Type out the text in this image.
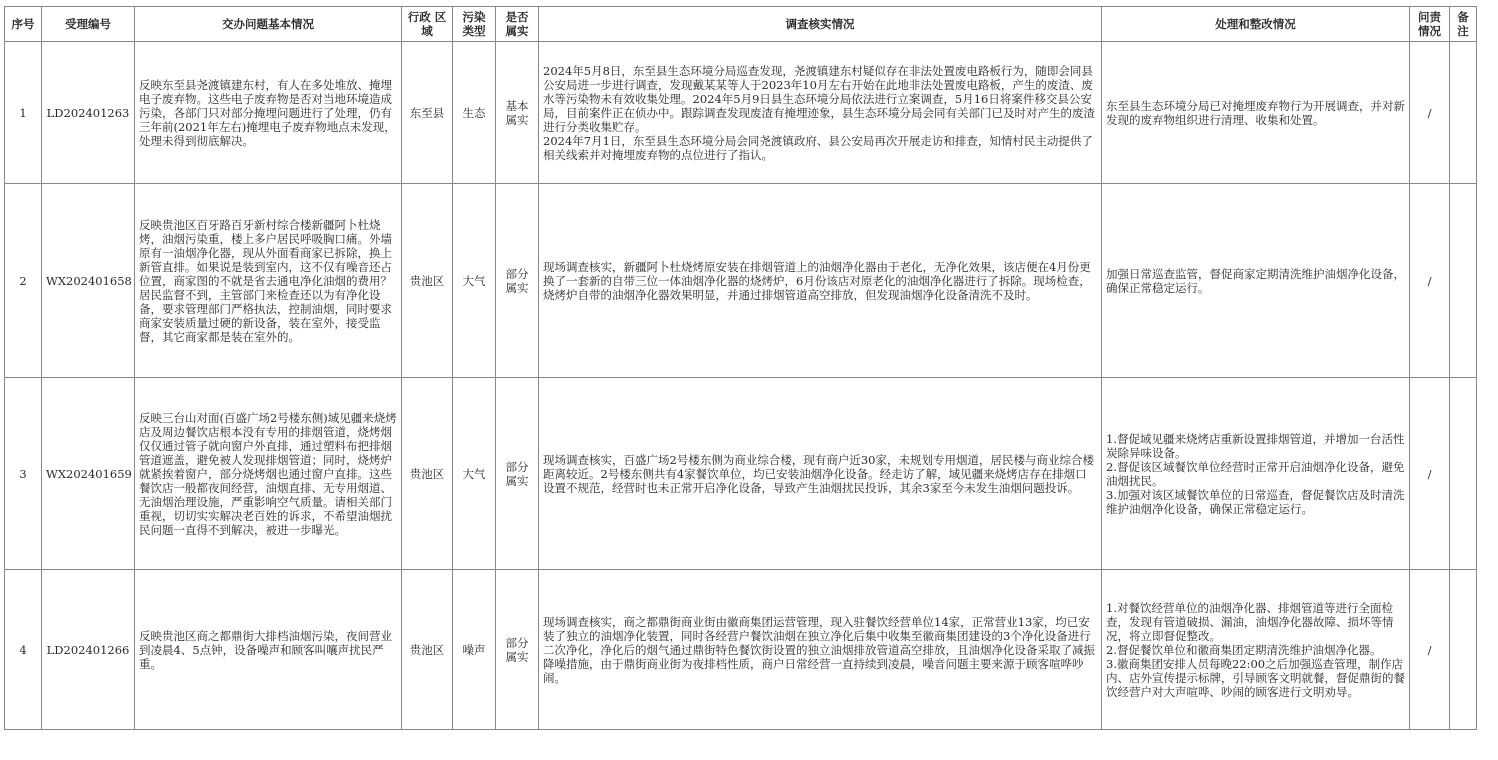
序号	受理编号	交办问题基本情况	行政 区域	污染 类型	是否 属实	调查核实情况	处理和整改情况	问责 情况	备 注
1	LD202401263	反映东至县尧渡镇建东村，有人在多处堆放、掩埋电子废弃物。这些电子废弃物是否对当地环境造成污染，各部门只对部分掩埋问题进行了处理，仍有三年前(2021年左右)掩埋电子废弃物地点未发现，处理未得到彻底解决。	东至县	生态	基本属实	2024年5月8日，东至县生态环境分局巡查发现，尧渡镇建东村疑似存在非法处置废电路板行为，随即会同县公安局进一步进行调查，发现戴某某等人于2023年10月左右开始在此地非法处置废电路板，产生的废渣、废水等污染物未有效收集处理。2024年5月9日县生态环境分局依法进行立案调查，5月16日将案件移交县公安局，目前案件正在侦办中。跟踪调查发现废渣有掩埋迹象，县生态环境分局会同有关部门已及时对产生的废渣进行分类收集贮存。
2024年7月1日，东至县生态环境分局会同尧渡镇政府、县公安局再次开展走访和排查，知情村民主动提供了相关线索并对掩埋废弃物的点位进行了指认。	东至县生态环境分局已对掩埋废弃物行为开展调查，并对新发现的废弃物组织进行清理、收集和处置。	/	
2	WX202401658	反映贵池区百牙路百牙新村综合楼新疆阿卜杜烧烤，油烟污染重，楼上多户居民呼吸胸口痛。外墙原有一油烟净化器，现从外面看商家已拆除，换上新管直排。如果说是装到室内，这不仅有噪音还占位置，商家图的不就是省去通电净化油烟的费用？居民监督不到，主管部门来检查还以为有净化设备，要求管理部门严格执法，控制油烟，同时要求商家安装质量过硬的新设备，装在室外，接受监督，其它商家都是装在室外的。	贵池区	大气	部分属实	现场调查核实，新疆阿卜杜烧烤原安装在排烟管道上的油烟净化器由于老化，无净化效果，该店便在4月份更换了一套新的自带三位一体油烟净化器的烧烤炉，6月份该店对原老化的油烟净化器进行了拆除。现场检查，烧烤炉自带的油烟净化器效果明显，并通过排烟管道高空排放，但发现油烟净化设备清洗不及时。	加强日常巡查监管，督促商家定期清洗维护油烟净化设备，确保正常稳定运行。	/	
3	WX202401659	反映三台山对面(百盛广场2号楼东侧)域见疆来烧烤店及周边餐饮店根本没有专用的排烟管道，烧烤烟仅仅通过管子就向窗户外直排，通过塑料布把排烟管道遮盖，避免被人发现排烟管道；同时，烧烤炉就紧挨着窗户，部分烧烤烟也通过窗户直排。这些餐饮店一般都夜间经营，油烟直排、无专用烟道、无油烟治理设施，严重影响空气质量。请相关部门重视，切切实实解决老百姓的诉求，不希望油烟扰民问题一直得不到解决，被进一步曝光。	贵池区	大气	部分属实	现场调查核实，百盛广场2号楼东侧为商业综合楼，现有商户近30家，未规划专用烟道，居民楼与商业综合楼距离较近。2号楼东侧共有4家餐饮单位，均已安装油烟净化设备。经走访了解，域见疆来烧烤店存在排烟口设置不规范，经营时也未正常开启净化设备，导致产生油烟扰民投诉，其余3家至今未发生油烟问题投诉。	1.督促域见疆来烧烤店重新设置排烟管道，并增加一台活性炭除异味设备。
2.督促该区域餐饮单位经营时正常开启油烟净化设备，避免油烟扰民。
3.加强对该区域餐饮单位的日常巡查，督促餐饮店及时清洗维护油烟净化设备，确保正常稳定运行。	/	
4	LD202401266	反映贵池区商之都鼎街大排档油烟污染，夜间营业到凌晨4、5点钟，设备噪声和顾客叫嚷声扰民严重。	贵池区	噪声	部分属实	现场调查核实，商之都鼎街商业街由徽商集团运营管理，现入驻餐饮经营单位14家，正常营业13家，均已安装了独立的油烟净化装置，同时各经营户餐饮油烟在独立净化后集中收集至徽商集团建设的3个净化设备进行二次净化，净化后的烟气通过鼎街特色餐饮街设置的独立油烟排放管道高空排放，且油烟净化设备采取了减振降噪措施，由于鼎街商业街为夜排档性质，商户日常经营一直持续到凌晨，噪音问题主要来源于顾客喧哗吵闹。	1.对餐饮经营单位的油烟净化器、排烟管道等进行全面检查，发现有管道破损、漏油，油烟净化器故障、损坏等情况，将立即督促整改。
2.督促餐饮单位和徽商集团定期清洗维护油烟净化器。
3.徽商集团安排人员每晚22:00之后加强巡查管理，制作店内、店外宣传提示标牌，引导顾客文明就餐，督促鼎街的餐饮经营户对大声喧哗、吵闹的顾客进行文明劝导。	/	
